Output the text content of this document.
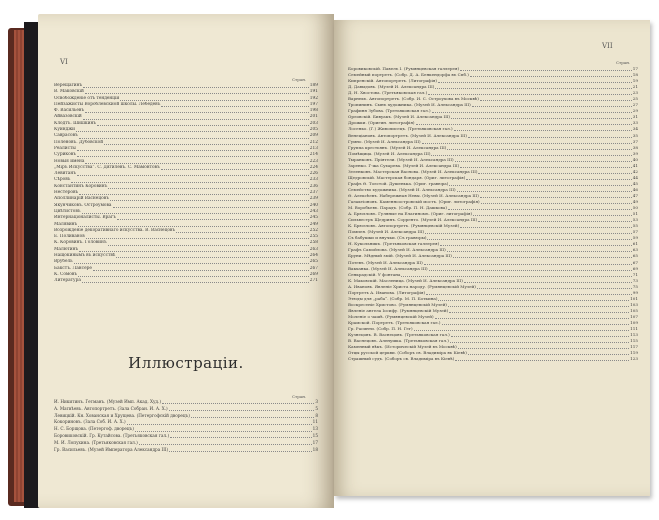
VI
Стран.
Верещагинъ	189
В. Маковскій	191
Освобожденіе отъ тенденціи	192
Пейзажисты Вороблевскиой школы. Лебедевъ	197
Ф. Васильевъ	198
Айвазовскій	201
Клодтъ. Шишкинъ	203
Куинджи	205
Саврасовъ	209
Поленовъ. Дубовской	212
Реалисты	213
Суриковъ	214
Новыя имена	223
„Міръ Искусства“. С. Дягилевъ. С. Мамонтовъ	224
Левитанъ	226
Сѣровъ	233
Константинъ Коровинъ	236
Нестеровъ	237
Аполлинарій Васнецовъ	239
Якунчиковъ. Остроумова	240
Цвѣтистовъ	243
Интернаціоналисты. Врагъ	245
Малявинъ	249
Возрожденіе декоративнаго искусства. В. Васнецовъ	252
Е. Поливанов	255
К. Коровинъ. Головинъ	258
Малютинъ	263
Нащокинымъ въ искусствѣ	264
Врубель	265
Бакстъ. Лансере	267
К. Сомовъ	269
Литература	271
Иллюстраціи.
Стран.
И. Никитинъ. Гетманъ. (Музей Имп. Акад. Худ.)	3
А. Матвѣевъ. Автопортретъ. (Зала Собран. И. А. Х.)	5
Левицкій. Кн. Хованская и Хрущева. (Петергофскій дворецъ)	8
Кокориновъ. (Зала Соб. И. А. Х.)	11
Н. С. Борщова. (Петергоф. дворецъ)	13
Боровиковскій. Гр. Кутайсова. (Третьяковская гал.)	15
М. И. Лопухина. (Третьяковская гал.)	17
Гр. Васильевъ. (Музей Императора Александра III)	18
VII
Стран.
Боровиковскій. Павелъ I. (Румянцевская галлерея)	17
Семейный портретъ. (Собр. Д. А. Бенкендорфа въ Спб.)	18
Кипренскій. Автопортретъ. (Литографія)	19
Д. Давыдовъ. (Музей И. Александра III)	21
Д. Н. Хвостова. (Третьяковская гал.)	23
Варнекъ. Автопортретъ. (Собр. И. С. Остроухова въ Москвѣ)	25
Тропининъ. Сынъ художника. (Музей И. Александра III)	27
Графиня Зубова. (Третьяковская гал.)	29
Орловскій. Бивуакъ. (Музей И. Александра III)	31
Дрожки. (Оригин. литографія)	33
Лосенко. (Г.) Живописецъ. (Третьяковская гал.)	34
Венеціановъ. Автопортретъ. (Музей И. Александра III)	35
Гумно. (Музей И. Александра III)	37
Группа крестьянъ. (Музей И. Александра III)	38
Помѣщица. (Музей И. Александра III)	39
Тыранковъ. Пріятели. (Музей И. Александра III)	40
Заренко. Г-жа Сухарева. (Музей И. Александра III)	41
Зеленковъ. Мастерская Васнова. (Музей И. Александра III)	42
Щедровскій. Мастерская бондаря. (Ориг. литографія)	44
Графъ Ѳ. Толстой. Душенька. (Ориг. гравюра)	45
Семейство художника. (Музей И. Александра III)	46
Ѳ. Алексѣевъ. Набережная Невы. (Музей И. Александра III)	47
Галактіоновъ. Каменноостровскій мостъ. (Ориг. литографія)	49
М. Воробьевъ. Парадъ. (Собр. П. Н. Дашкова)	50
А. Брюлловъ. Гуляные на Елагиномъ. (Ориг. литографія)	51
Сильвестръ Щедринъ. Сорренто. (Музей И. Александра III)	53
К. Брюлловъ. Автопортретъ. (Румянцевскій Музей)	55
Помпея. (Музей И. Александра III)	57
Съ бабушки и внучки. (Съ гравюры)	59
Н. Кукольникъ. (Третьяковская галлерея)	61
Графъ Самойлова. (Музей И. Александра III)	63
Бруни. Мѣдный змій. (Музей И. Александра III)	65
Потевъ. (Музей И. Александра III)	67
Вакханка. (Музей И. Александра III)	69
Сенкрадскій. У фонтана	71
К. Маковскій. Масленица. (Музей И. Александра III)	73
А. Ивановъ. Явленіе Христа народу. (Румянцевскій Музей)	75
Портретъ А. Иванова. (Литографія)	99
Этюды для „раба“. (Собр. М. П. Боткина)	101
Воскресеніе Христово. (Румянцевскій Музей)	103
Явленіе ангела Іосифу. (Румянцевскій Музей)	105
Моленіе о чашѣ. (Румянцевскій Музей)	107
Крамской. Портретъ. (Третьяковская гал.)	109
Гр. Расинти. (Собр. П. Н. Гег)	111
Кузнецовъ. В. Васнецовъ. (Третьяковская гал.)	113
В. Васнецовъ. Аленушка. (Третьяковская гал.)	115
Каменный вѣкъ. (Историческій Музей въ Москвѣ)	117
Отцы русской церкви. (Соборъ св. Владиміра въ Кіевѣ)	119
Страшный судъ. (Соборъ св. Владиміра въ Кіевѣ)	123
